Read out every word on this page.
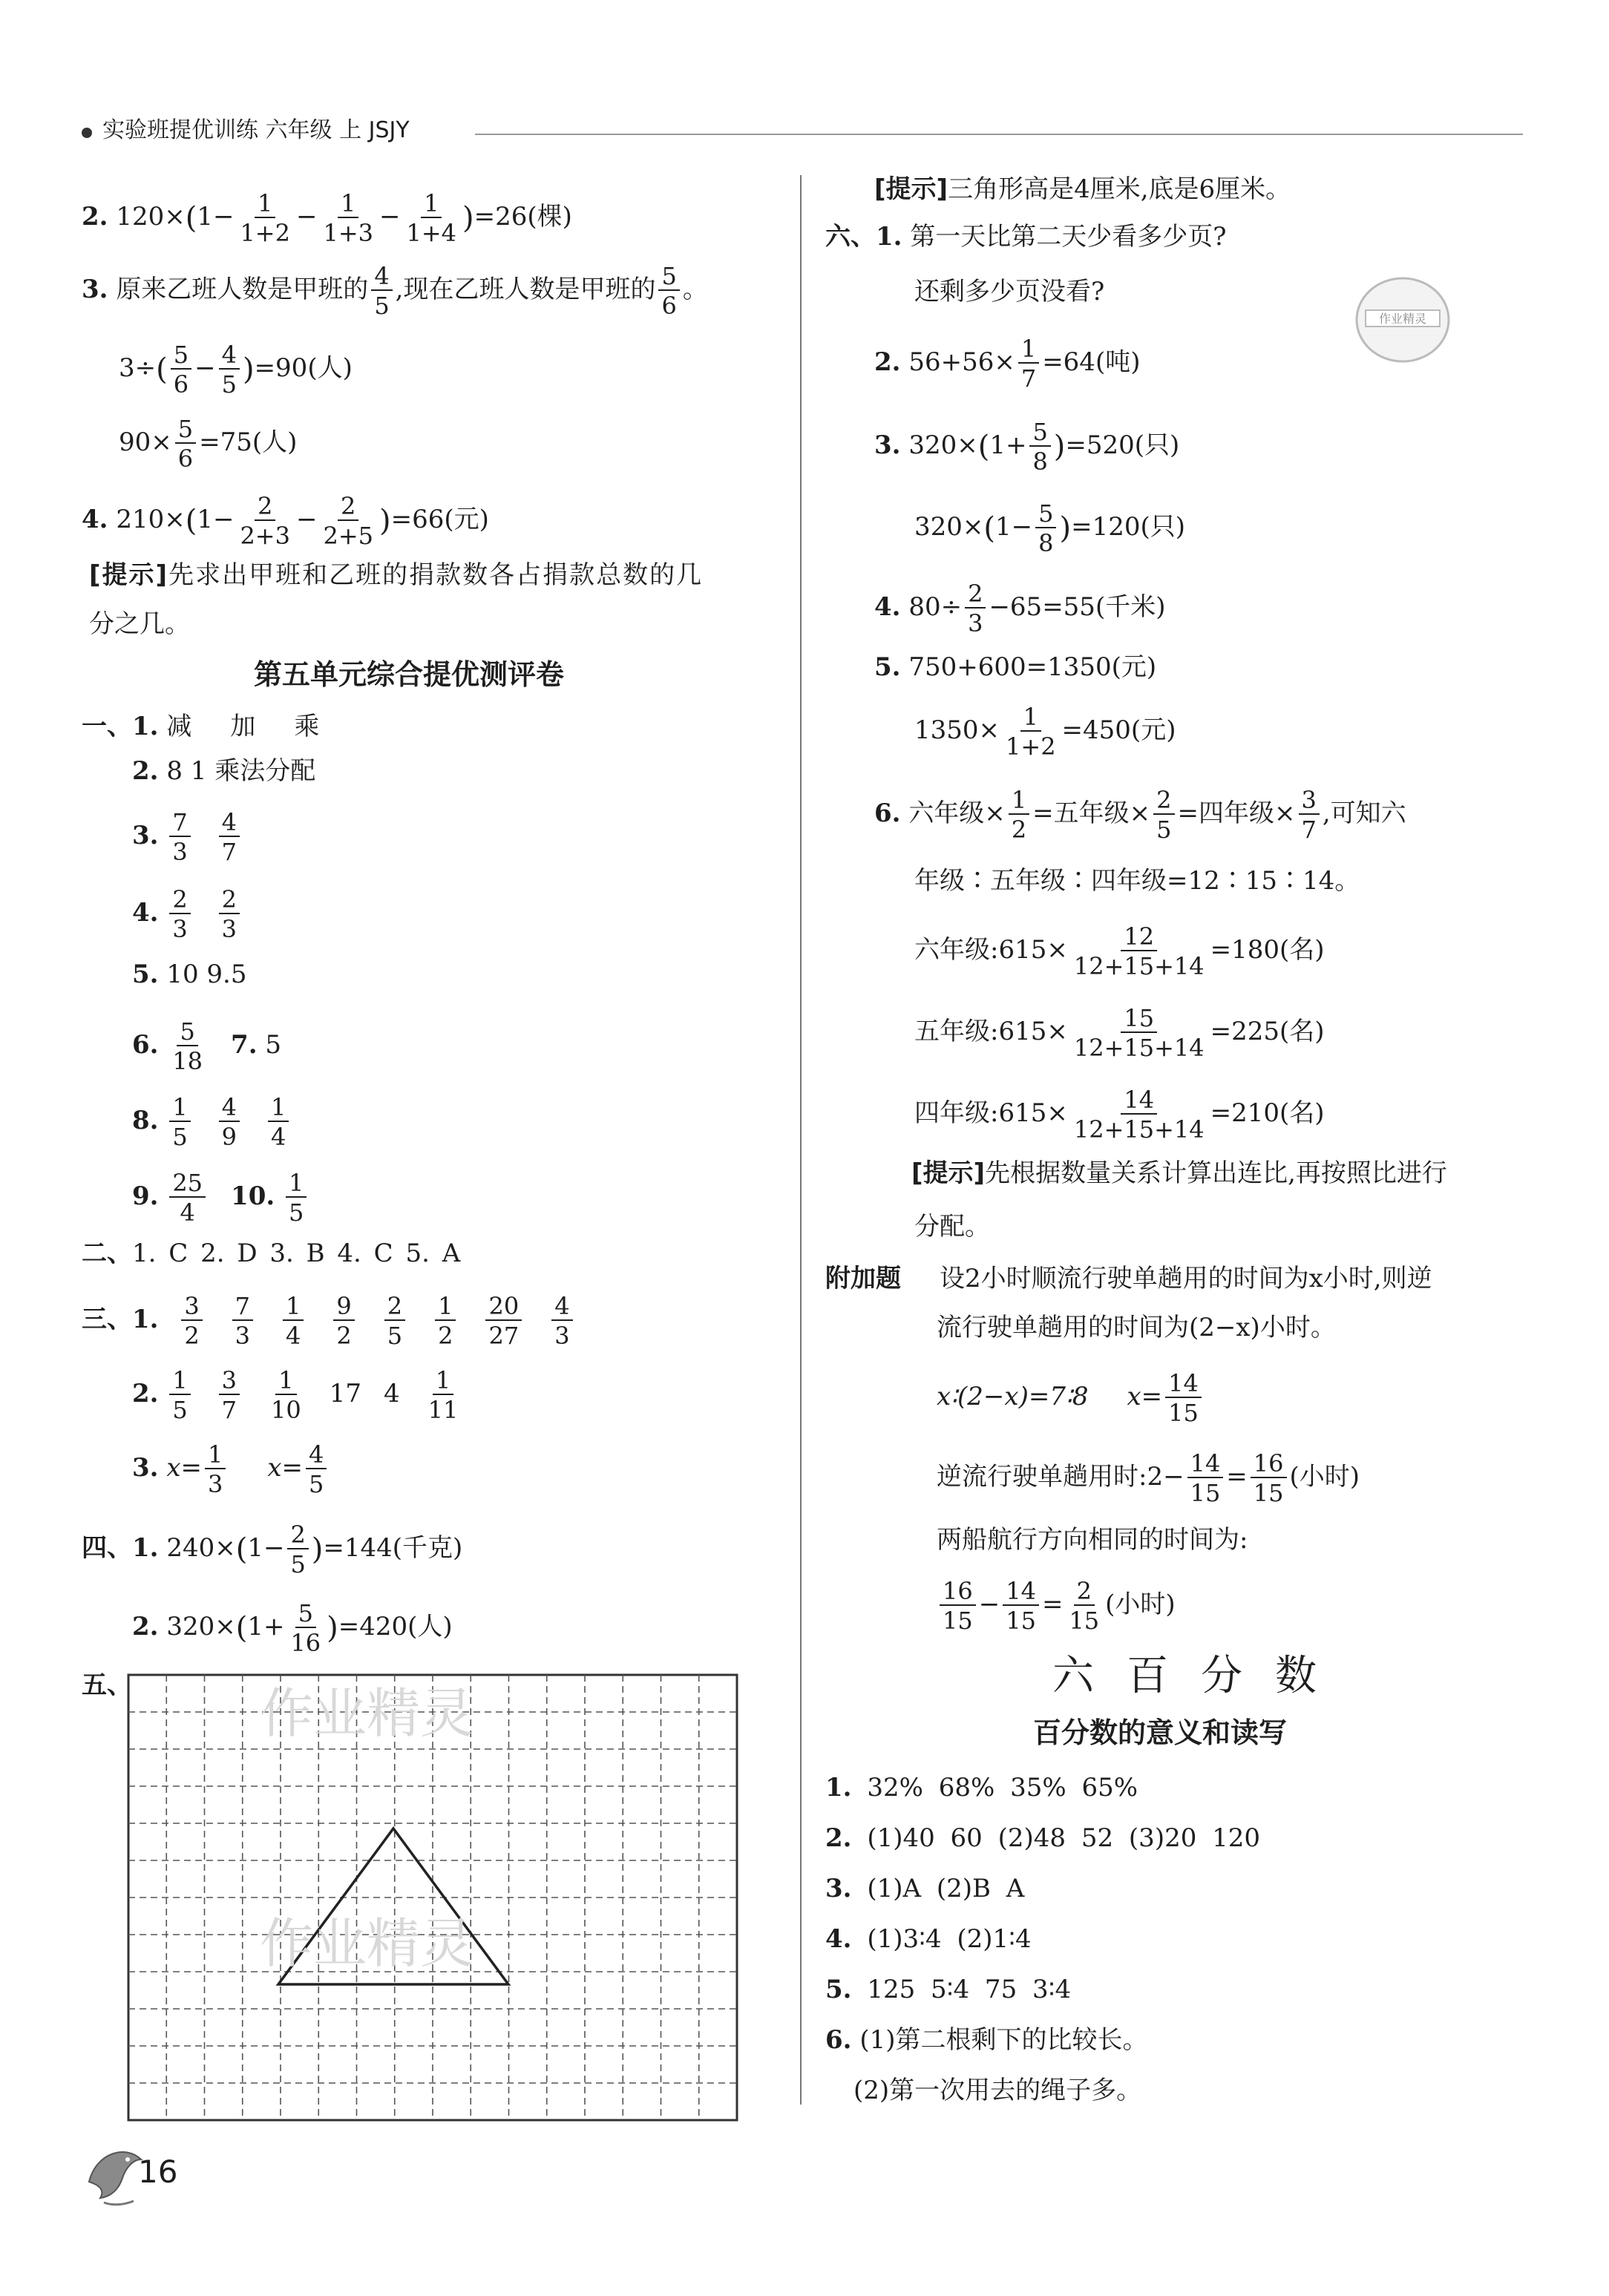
实验班提优训练 六年级 上 JSJY
2. $120\times(1- \frac{1}{1+2} - \frac{1}{1+3} - \frac{1}{1+4} )=26$(棵)
3. 原来乙班人数是甲班的 $\frac{4}{5}$ ,现在乙班人数是甲班的 $\frac{5}{6}$ 。
$3\div( \frac{5}{6} - \frac{4}{5} )=90$(人)
$90\times \frac{5}{6} =75$(人)
4. $210\times(1- \frac{2}{2+3} - \frac{2}{2+5} )=66$(元)
[提示]先求出甲班和乙班的捐款数各占捐款总数的几
分之几。
第五单元综合提优测评卷
一、1. 减 加 乘
2. 8 1 乘法分配
3. $\frac{7}{3} \frac{4}{7}$
4. $\frac{2}{3} \frac{2}{3}$
5. 10 9.5
6. $\frac{5}{18} 7$. 5
8. $\frac{1}{5} \frac{4}{9} \frac{1}{4}$
9. $\frac{25}{4} 10$. $\frac{1}{5}$
二、1. C 2. D 3. B 4. C 5. A
三、1. $\frac{3}{2} \frac{7}{3} \frac{1}{4} \frac{9}{2} \frac{2}{5} \frac{1}{2} \frac{20}{27} \frac{4}{3}$
2. $\frac{1}{5} \frac{3}{7} \frac{1}{10} 17$ $4 \frac{1}{11}$
3. $x= \frac{1}{3} x= \frac{4}{5}$
四、1. $240\times(1- \frac{2}{5} )=144$(千克)
2. $320\times(1+ \frac{5}{16} )=420$(人)
五、 作业精灵
作业精灵
16
[提示]三角形高是4厘米,底是6厘米。
六、1. 第一天比第二天少看多少页?
还剩多少页没看?
作业精灵
2. $56+56\times \frac{1}{7} =64$(吨)
3. $320\times(1+ \frac{5}{8} )=520$(只)
$320\times(1- \frac{5}{8} )=120$(只)
4. $80\div \frac{2}{3} -65=55$(千米)
5. 750+600=1350(元)
$1350\times \frac{1}{1+2} =450$(元)
6. 六年级× $\frac{1}{2}$ =五年级× $\frac{2}{5}$ =四年级× $\frac{3}{7}$ ,可知六
年级∶五年级∶四年级=12∶15∶14。
六年级:615× $\frac{12}{12+15+14} =180$(名)
五年级:615× $\frac{15}{12+15+14} =225$(名)
四年级:615× $\frac{14}{12+15+14} =210$(名)
[提示]先根据数量关系计算出连比,再按照比进行
分配。
附加题 设2小时顺流行驶单趟用的时间为x小时,则逆
流行驶单趟用的时间为(2−x)小时。
x∶(2−x)=7∶8 $x= \frac{14}{15}$
逆流行驶单趟用时:2− $\frac{14}{15} = \frac{16}{15}$ (小时)
两船航行方向相同的时间为:
$\frac{16}{15} - \frac{14}{15} = \frac{2}{15}$ (小时)
六百分数
百分数的意义和读写
1. 32% 68% 35% 65%
2. (1)40 60 (2)48 52 (3)20 120
3. (1)A (2)B A
4. (1)3∶4 (2)1∶4
5. 125 5∶4 75 3∶4
6. (1)第二根剩下的比较长。
(2)第一次用去的绳子多。
